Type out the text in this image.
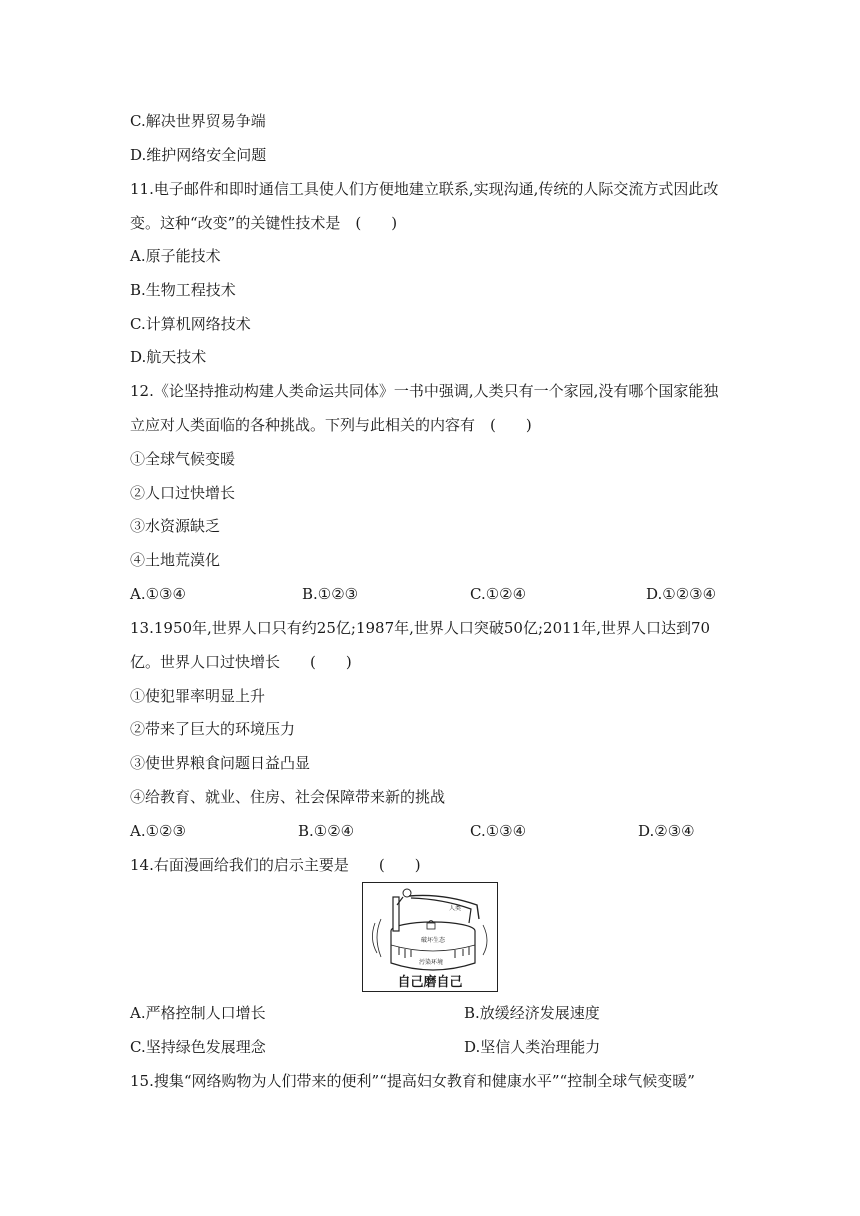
C.解决世界贸易争端
D.维护网络安全问题
11.电子邮件和即时通信工具使人们方便地建立联系,实现沟通,传统的人际交流方式因此改
变。这种“改变”的关键性技术是　(　　)
A.原子能技术
B.生物工程技术
C.计算机网络技术
D.航天技术
12.《论坚持推动构建人类命运共同体》一书中强调,人类只有一个家园,没有哪个国家能独
立应对人类面临的各种挑战。下列与此相关的内容有　(　　)
①全球气候变暖
②人口过快增长
③水资源缺乏
④土地荒漠化
A.①③④	B.①②③	C.①②④	D.①②③④
13.1950年,世界人口只有约25亿;1987年,世界人口突破50亿;2011年,世界人口达到70
亿。世界人口过快增长　　(　　)
①使犯罪率明显上升
②带来了巨大的环境压力
③使世界粮食问题日益凸显
④给教育、就业、住房、社会保障带来新的挑战
A.①②③	B.①②④	C.①③④	D.②③④
14.右面漫画给我们的启示主要是　　(　　)
人类
破坏生态
污染环境
自己磨自己
A.严格控制人口增长	B.放缓经济发展速度
C.坚持绿色发展理念	D.坚信人类治理能力
15.搜集“网络购物为人们带来的便利”“提高妇女教育和健康水平”“控制全球气候变暖”
